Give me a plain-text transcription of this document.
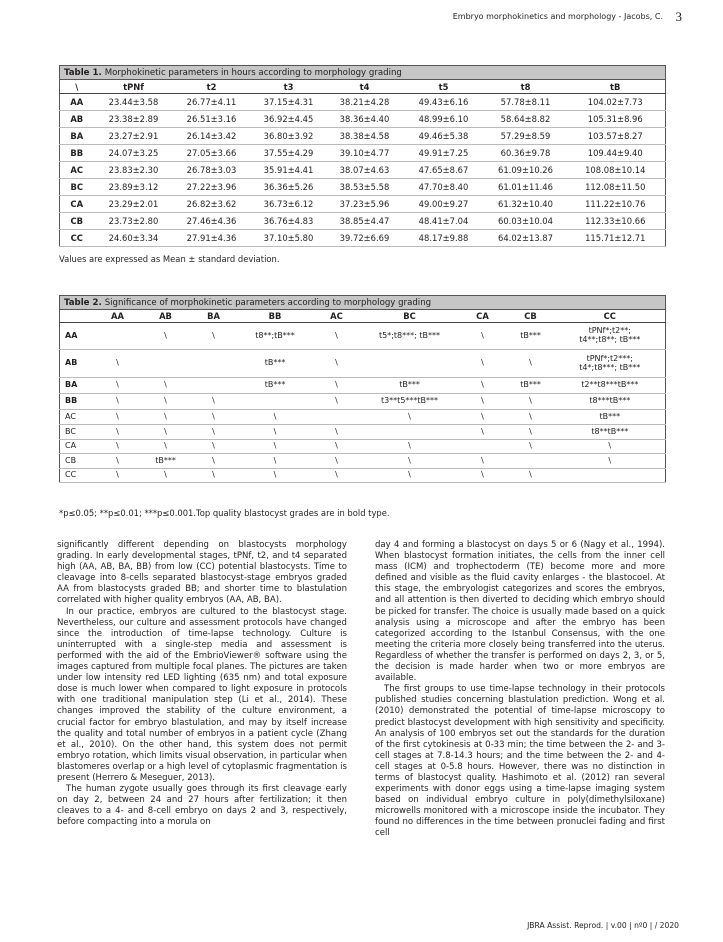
Embryo morphokinetics and morphology - Jacobs, C. 3
Table 1. Morphokinetic parameters in hours according to morphology grading							
\	tPNf	t2	t3	t4	t5	t8	tB
AA	23.44±3.58	26.77±4.11	37.15±4.31	38.21±4.28	49.43±6.16	57.78±8.11	104.02±7.73
AB	23.38±2.89	26.51±3.16	36.92±4.45	38.36±4.40	48.99±6.10	58.64±8.82	105.31±8.96
BA	23.27±2.91	26.14±3.42	36.80±3.92	38.38±4.58	49.46±5.38	57.29±8.59	103.57±8.27
BB	24.07±3.25	27.05±3.66	37.55±4.29	39.10±4.77	49.91±7.25	60.36±9.78	109.44±9.40
AC	23.83±2.30	26.78±3.03	35.91±4.41	38.07±4.63	47.65±8.67	61.09±10.26	108.08±10.14
BC	23.89±3.12	27.22±3.96	36.36±5.26	38.53±5.58	47.70±8.40	61.01±11.46	112.08±11.50
CA	23.29±2.01	26.82±3.62	36.73±6.12	37.23±5.96	49.00±9.27	61.32±10.40	111.22±10.76
CB	23.73±2.80	27.46±4.36	36.76±4.83	38.85±4.47	48.41±7.04	60.03±10.04	112.33±10.66
CC	24.60±3.34	27.91±4.36	37.10±5.80	39.72±6.69	48.17±9.88	64.02±13.87	115.71±12.71
Values are expressed as Mean ± standard deviation.
Table 2. Significance of morphokinetic parameters according to morphology grading									
	AA	AB	BA	BB	AC	BC	CA	CB	CC
AA		\	\	t8**;tB***	\	t5*;t8***; tB***	\	tB***	tPNf*;t2**;
t4**;t8**; tB***
AB	\			tB***	\		\	\	tPNf*;t2***;
t4*;t8***; tB***
BA	\	\		tB***	\	tB***	\	tB***	t2**t8***tB***
BB	\	\	\		\	t3**t5***tB***	\	\	t8***tB***
AC	\	\	\	\		\	\	\	tB***
BC	\	\	\	\	\		\	\	t8**tB***
CA	\	\	\	\	\	\		\	\
CB	\	tB***	\	\	\	\	\		\
CC	\	\	\	\	\	\	\	\	
*p≤0.05; **p≤0.01; ***p≤0.001.Top quality blastocyst grades are in bold type.

significantly different depending on blastocysts morphology grading. In early developmental stages, tPNf, t2, and t4 separated high (AA, AB, BA, BB) from low (CC) potential blastocysts. Time to cleavage into 8-cells separated blastocyst-stage embryos graded AA from blastocysts graded BB; and shorter time to blastulation correlated with higher quality embryos (AA, AB, BA).

In our practice, embryos are cultured to the blastocyst stage. Nevertheless, our culture and assessment protocols have changed since the introduction of time-lapse technology. Culture is uninterrupted with a single-step media and assessment is performed with the aid of the EmbrioViewer® software using the images captured from multiple focal planes. The pictures are taken under low intensity red LED lighting (635 nm) and total exposure dose is much lower when compared to light exposure in protocols with one traditional manipulation step (Li et al., 2014). These changes improved the stability of the culture environment, a crucial factor for embryo blastulation, and may by itself increase the quality and total number of embryos in a patient cycle (Zhang et al., 2010). On the other hand, this system does not permit embryo rotation, which limits visual observation, in particular when blastomeres overlap or a high level of cytoplasmic fragmentation is present (Herrero & Meseguer, 2013).

The human zygote usually goes through its first cleavage early on day 2, between 24 and 27 hours after fertilization; it then cleaves to a 4- and 8-cell embryo on days 2 and 3, respectively, before compacting into a morula on

day 4 and forming a blastocyst on days 5 or 6 (Nagy et al., 1994). When blastocyst formation initiates, the cells from the inner cell mass (ICM) and trophectoderm (TE) become more and more defined and visible as the fluid cavity enlarges - the blastocoel. At this stage, the embryologist categorizes and scores the embryos, and all attention is then diverted to deciding which embryo should be picked for transfer. The choice is usually made based on a quick analysis using a microscope and after the embryo has been categorized according to the Istanbul Consensus, with the one meeting the criteria more closely being transferred into the uterus. Regardless of whether the transfer is performed on days 2, 3, or 5, the decision is made harder when two or more embryos are available.

The first groups to use time-lapse technology in their protocols published studies concerning blastulation prediction. Wong et al. (2010) demonstrated the potential of time-lapse microscopy to predict blastocyst development with high sensitivity and specificity. An analysis of 100 embryos set out the standards for the duration of the first cytokinesis at 0-33 min; the time between the 2- and 3-cell stages at 7.8-14.3 hours; and the time between the 2- and 4-cell stages at 0-5.8 hours. However, there was no distinction in terms of blastocyst quality. Hashimoto et al. (2012) ran several experiments with donor eggs using a time-lapse imaging system based on individual embryo culture in poly(dimethylsiloxane) microwells monitored with a microscope inside the incubator. They found no differences in the time between pronuclei fading and first cell

JBRA Assist. Reprod. | v.00 | nº0 | / 2020
